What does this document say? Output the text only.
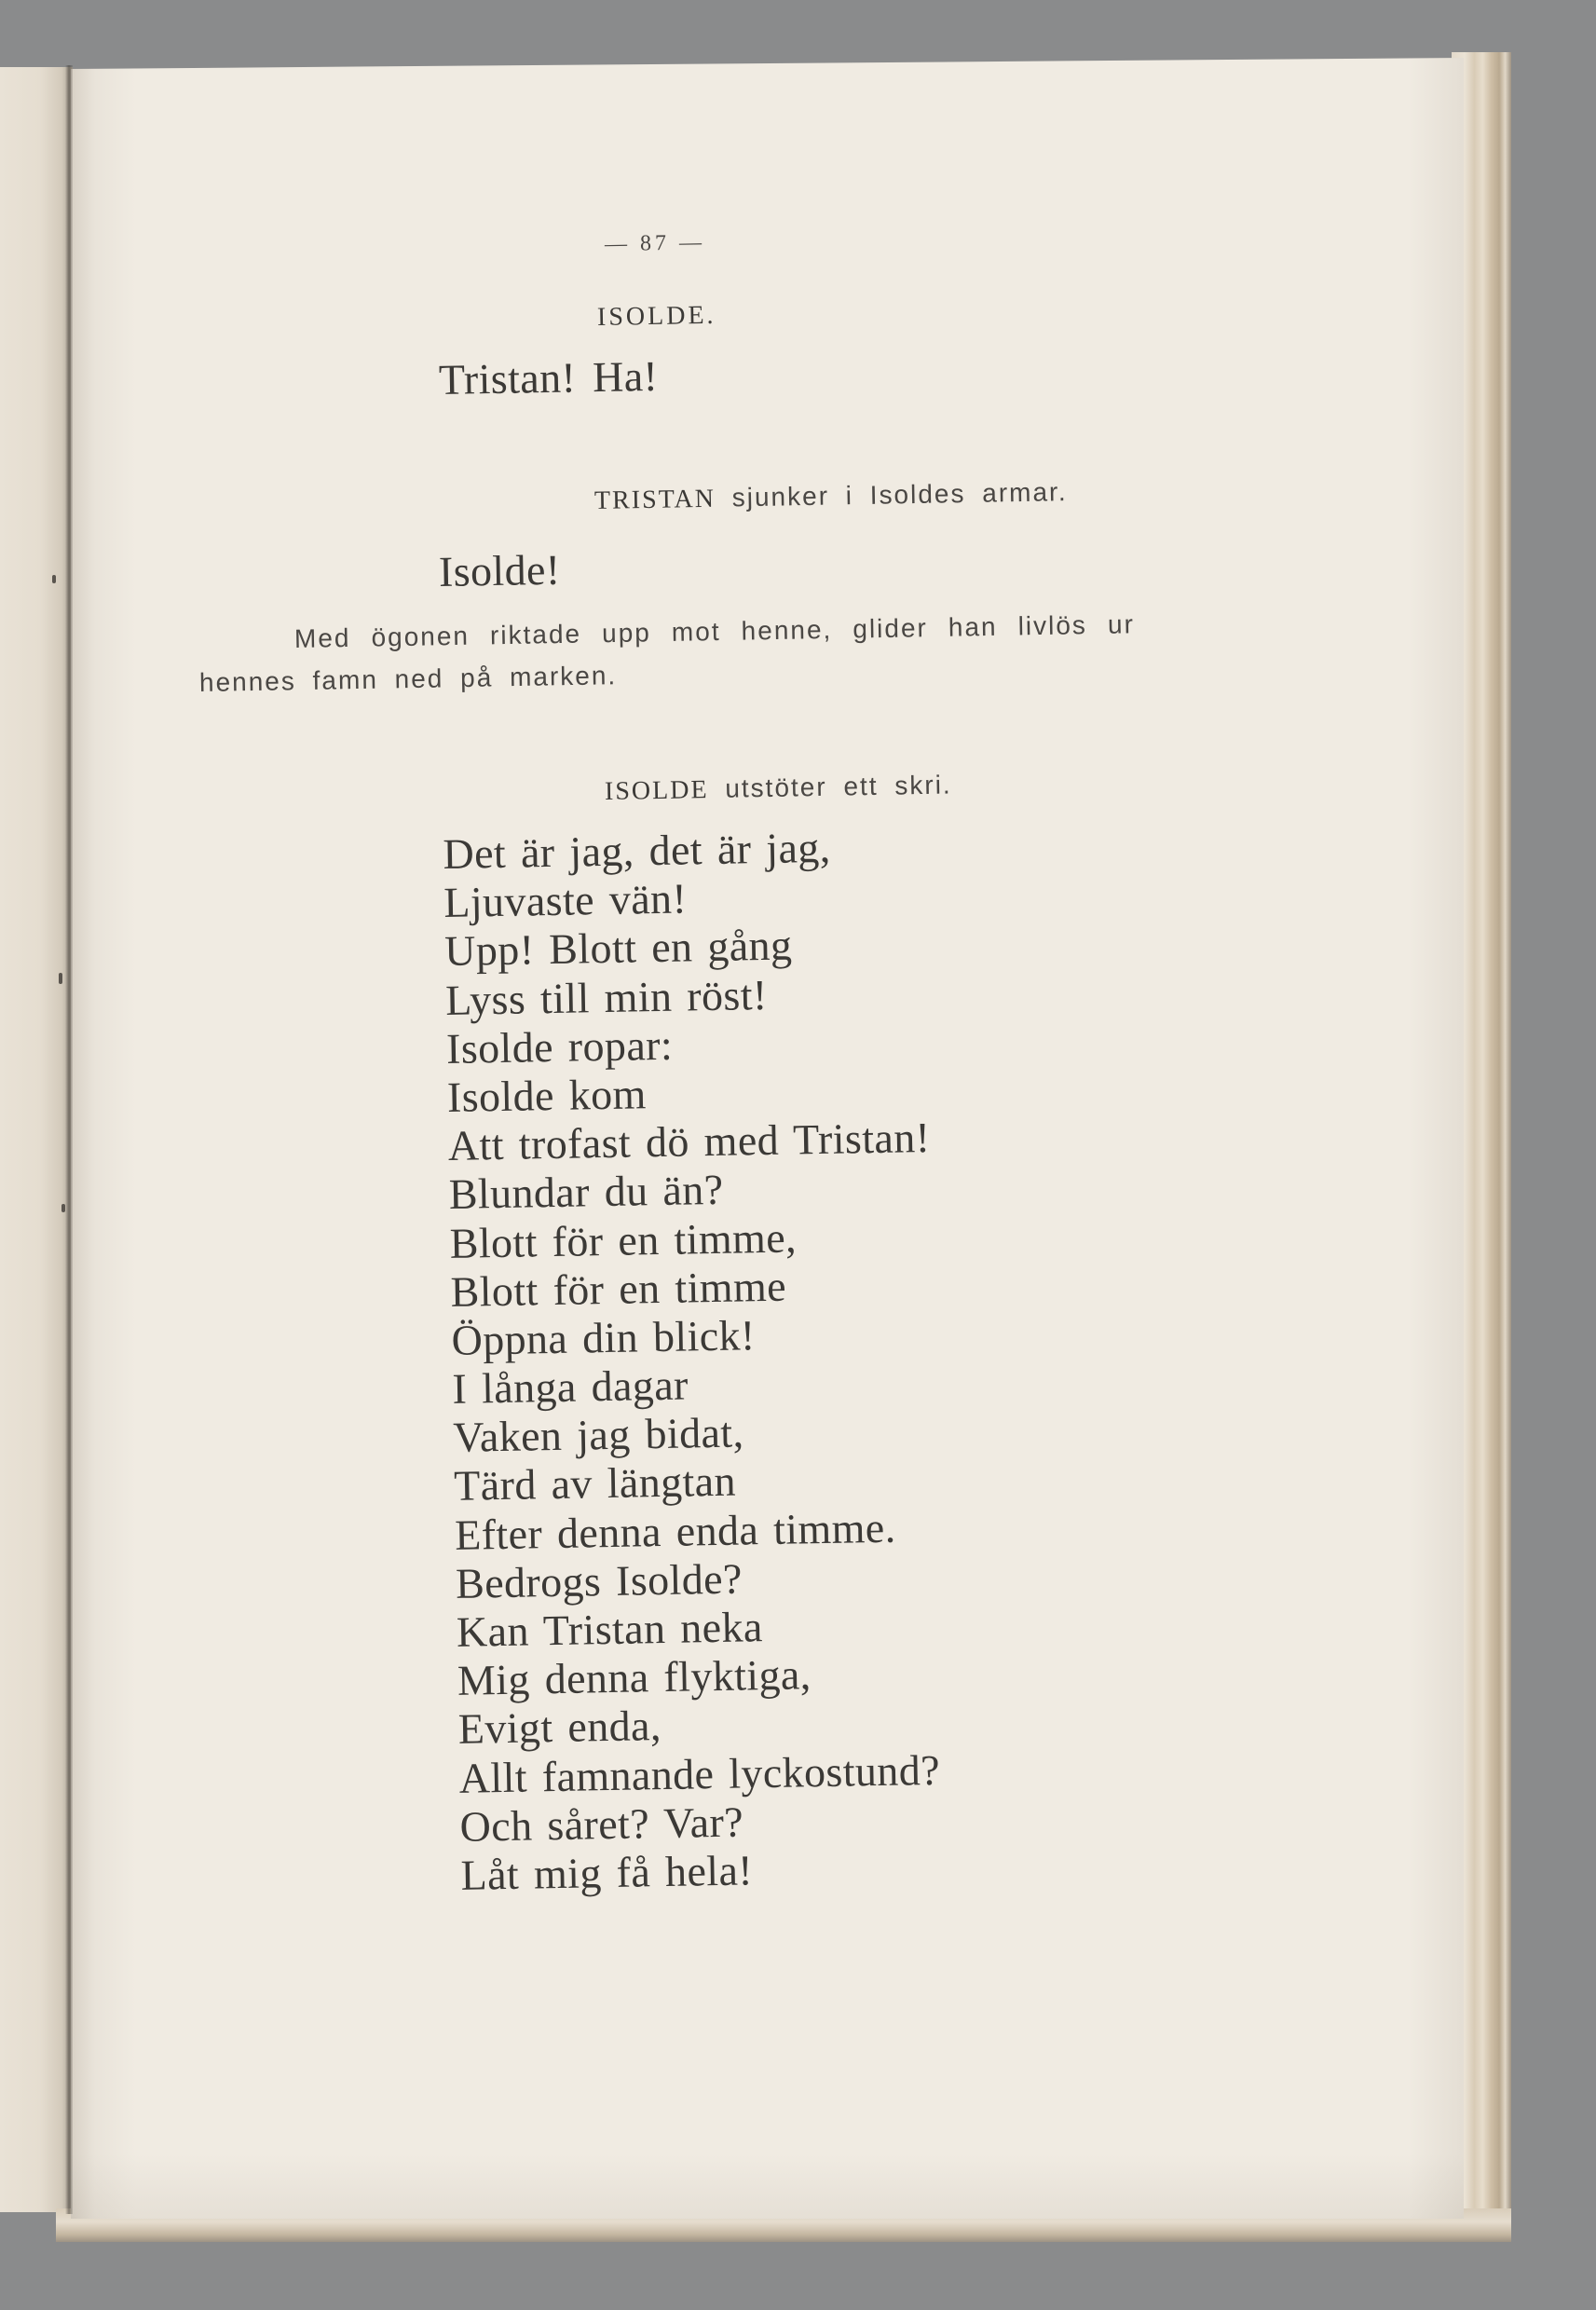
— 87 —
ISOLDE.
Tristan! Ha!
TRISTAN sjunker i Isoldes armar.
Isolde!
Med ögonen riktade upp mot henne, glider han livlös ur
hennes famn ned på marken.
ISOLDE utstöter ett skri.
Det är jag, det är jag,
Ljuvaste vän!
Upp! Blott en gång
Lyss till min röst!
Isolde ropar:
Isolde kom
Att trofast dö med Tristan!
Blundar du än?
Blott för en timme,
Blott för en timme
Öppna din blick!
I långa dagar
Vaken jag bidat,
Tärd av längtan
Efter denna enda timme.
Bedrogs Isolde?
Kan Tristan neka
Mig denna flyktiga,
Evigt enda,
Allt famnande lyckostund?
Och såret? Var?
Låt mig få hela!
